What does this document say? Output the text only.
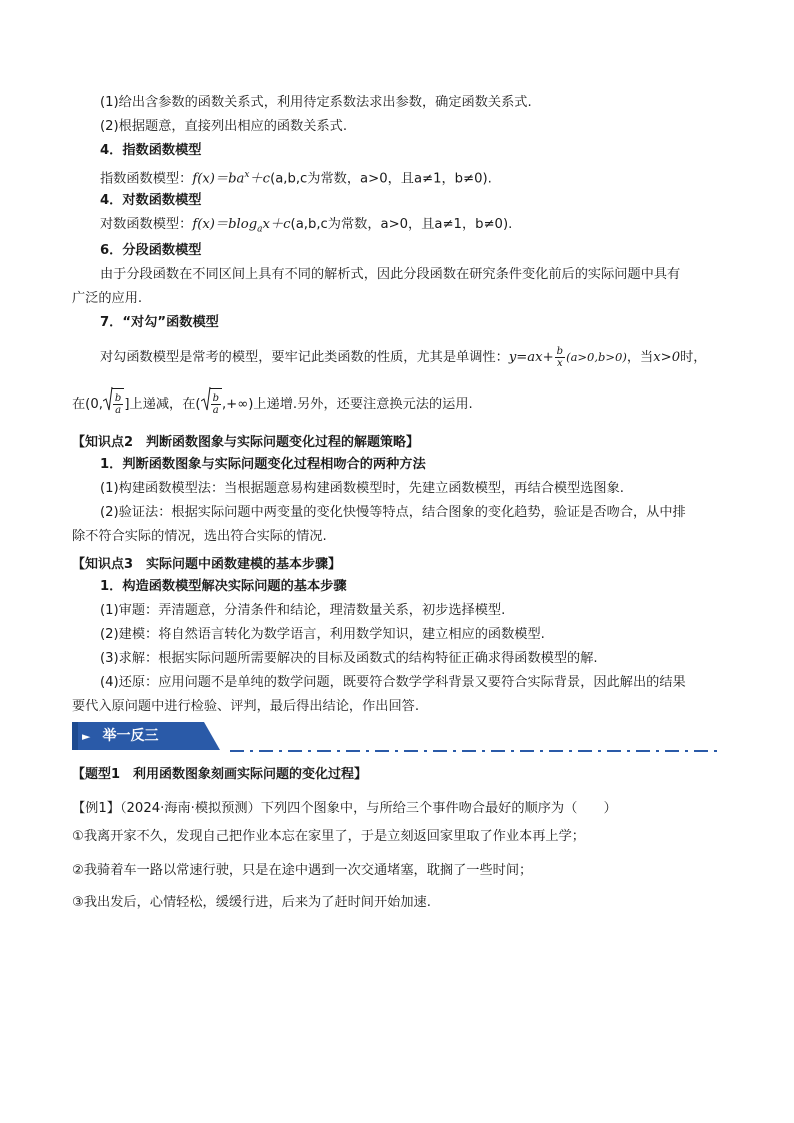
(1)给出含参数的函数关系式，利用待定系数法求出参数，确定函数关系式.
(2)根据题意，直接列出相应的函数关系式.
4．指数函数模型
指数函数模型：$f(x)=ba^x+c(a,b,c$为常数，a>0，且a≠1，b≠0).
4．对数函数模型
对数函数模型：f(x)＝blog$_a$x＋c(a,b,c为常数，a>0，且a≠1，b≠0).
6．分段函数模型
由于分段函数在不同区间上具有不同的解析式，因此分段函数在研究条件变化前后的实际问题中具有
广泛的应用.
7．“对勾”函数模型
对勾函数模型是常考的模型，要牢记此类函数的性质，尤其是单调性：$y=ax+ \frac{b}{x} (a>0,b>0)$，当x>0时，
在(0, $\frac{b}{a}$ ]上递减，在( $\frac{b}{a}$ ,+∞)上递增.另外，还要注意换元法的运用.
【知识点2　判断函数图象与实际问题变化过程的解题策略】
1．判断函数图象与实际问题变化过程相吻合的两种方法
(1)构建函数模型法：当根据题意易构建函数模型时，先建立函数模型，再结合模型选图象.
(2)验证法：根据实际问题中两变量的变化快慢等特点，结合图象的变化趋势，验证是否吻合，从中排
除不符合实际的情况，选出符合实际的情况.
【知识点3　实际问题中函数建模的基本步骤】
1．构造函数模型解决实际问题的基本步骤
(1)审题：弄清题意，分清条件和结论，理清数量关系，初步选择模型.
(2)建模：将自然语言转化为数学语言，利用数学知识，建立相应的函数模型.
(3)求解：根据实际问题所需要解决的目标及函数式的结构特征正确求得函数模型的解.
(4)还原：应用问题不是单纯的数学问题，既要符合数学学科背景又要符合实际背景，因此解出的结果
要代入原问题中进行检验、评判，最后得出结论，作出回答.
► 举一反三
【题型1　利用函数图象刻画实际问题的变化过程】
【例1】（2024·海南·模拟预测）下列四个图象中，与所给三个事件吻合最好的顺序为（　　）
①我离开家不久，发现自己把作业本忘在家里了，于是立刻返回家里取了作业本再上学；
②我骑着车一路以常速行驶，只是在途中遇到一次交通堵塞，耽搁了一些时间；
③我出发后，心情轻松，缓缓行进，后来为了赶时间开始加速.
